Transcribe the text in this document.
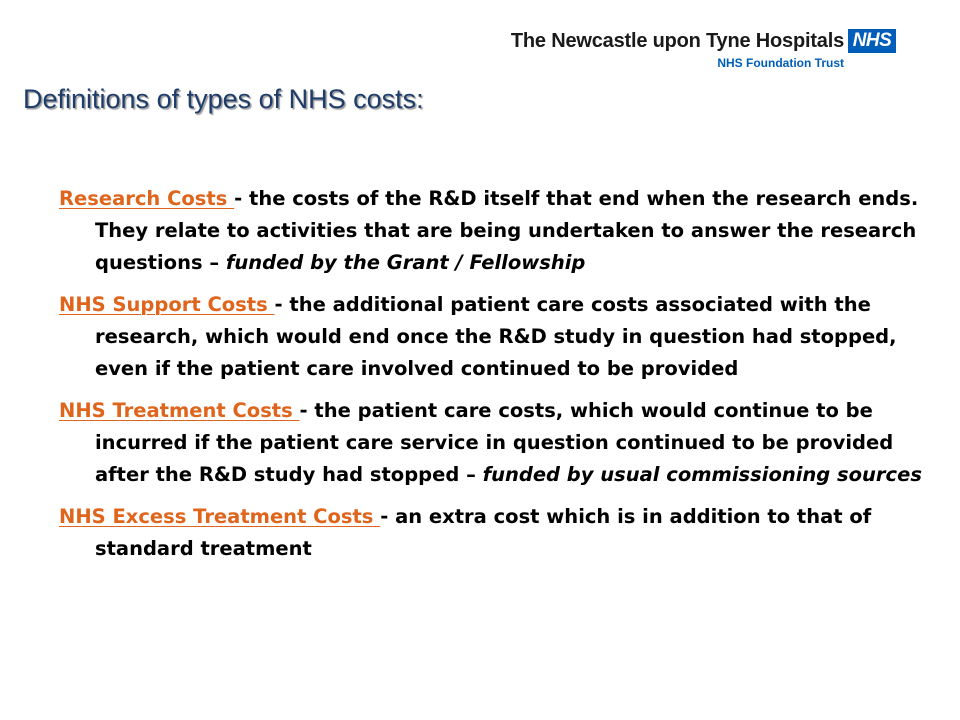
The Newcastle upon Tyne Hospitals NHS
NHS Foundation Trust
Definitions of types of NHS costs:
Research Costs - the costs of the R&D itself that end when the research ends. They relate to activities that are being undertaken to answer the research questions – funded by the Grant / Fellowship
NHS Support Costs - the additional patient care costs associated with the research, which would end once the R&D study in question had stopped, even if the patient care involved continued to be provided
NHS Treatment Costs - the patient care costs, which would continue to be incurred if the patient care service in question continued to be provided after the R&D study had stopped – funded by usual commissioning sources
NHS Excess Treatment Costs - an extra cost which is in addition to that of standard treatment
